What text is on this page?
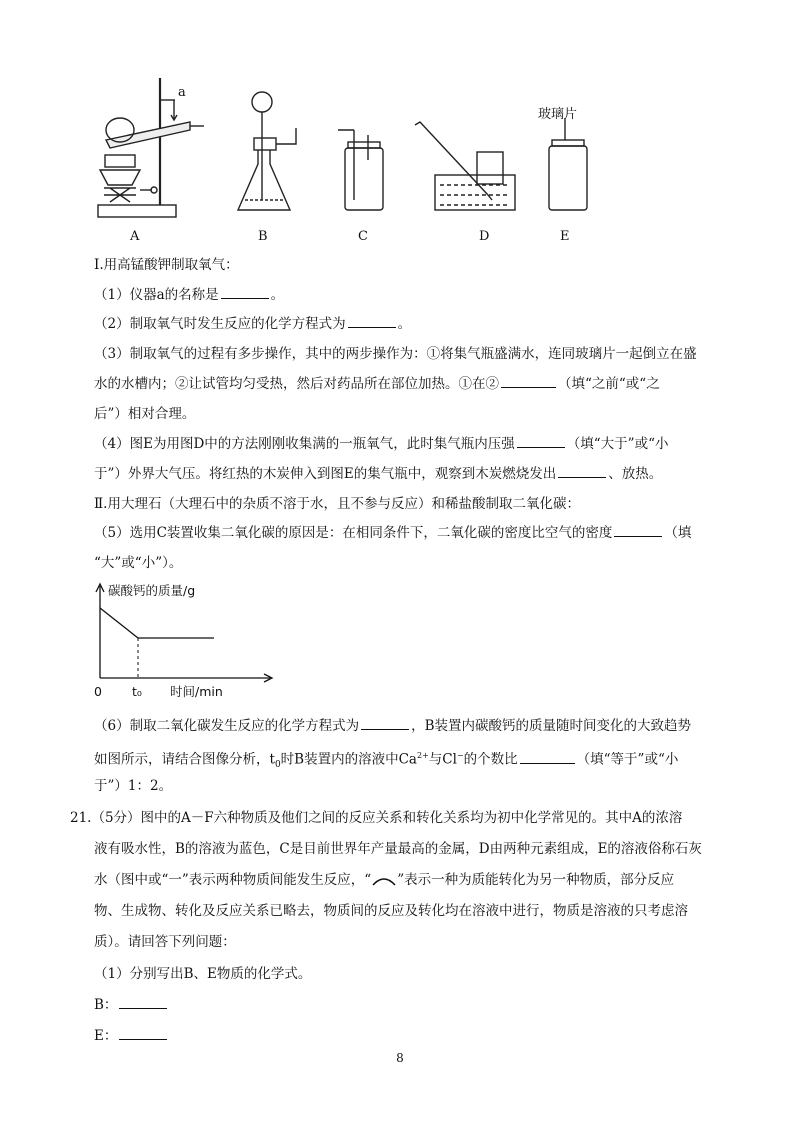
a
玻璃片
A	B	C	D	E
Ⅰ.用高锰酸钾制取氧气：
（1）仪器a的名称是	。
（2）制取氧气时发生反应的化学方程式为	。
（3）制取氧气的过程有多步操作，其中的两步操作为：①将集气瓶盛满水，连同玻璃片一起倒立在盛
水的水槽内；②让试管均匀受热，然后对药品所在部位加热。①在②	（填“之前“或“之
后”）相对合理。
（4）图E为用图D中的方法刚刚收集满的一瓶氧气，此时集气瓶内压强	（填“大于”或“小
于”）外界大气压。将红热的木炭伸入到图E的集气瓶中，观察到木炭燃烧发出	、放热。
Ⅱ.用大理石（大理石中的杂质不溶于水，且不参与反应）和稀盐酸制取二氧化碳：
（5）选用C装置收集二氧化碳的原因是：在相同条件下，二氧化碳的密度比空气的密度	（填
“大”或“小”）。
碳酸钙的质量/g
0 t₀ 时间/min
（6）制取二氧化碳发生反应的化学方程式为	，B装置内碳酸钙的质量随时间变化的大致趋势
如图所示，请结合图像分析，$t_0$时B装置内的溶液中$Ca^{2+}$与Cl−的个数比	（填“等于”或“小
于”）1：2。
21.（5分）图中的A－F六种物质及他们之间的反应关系和转化关系均为初中化学常见的。其中A的浓溶
液有吸水性，B的溶液为蓝色，C是目前世界年产量最高的金属，D由两种元素组成，E的溶液俗称石灰
水（图中或“一”表示两种物质间能发生反应，“ ”表示一种为质能转化为另一种物质，部分反应
物、生成物、转化及反应关系已略去，物质间的反应及转化均在溶液中进行，物质是溶液的只考虑溶
质）。请回答下列问题：
（1）分别写出B、E物质的化学式。
B：
E：
8
